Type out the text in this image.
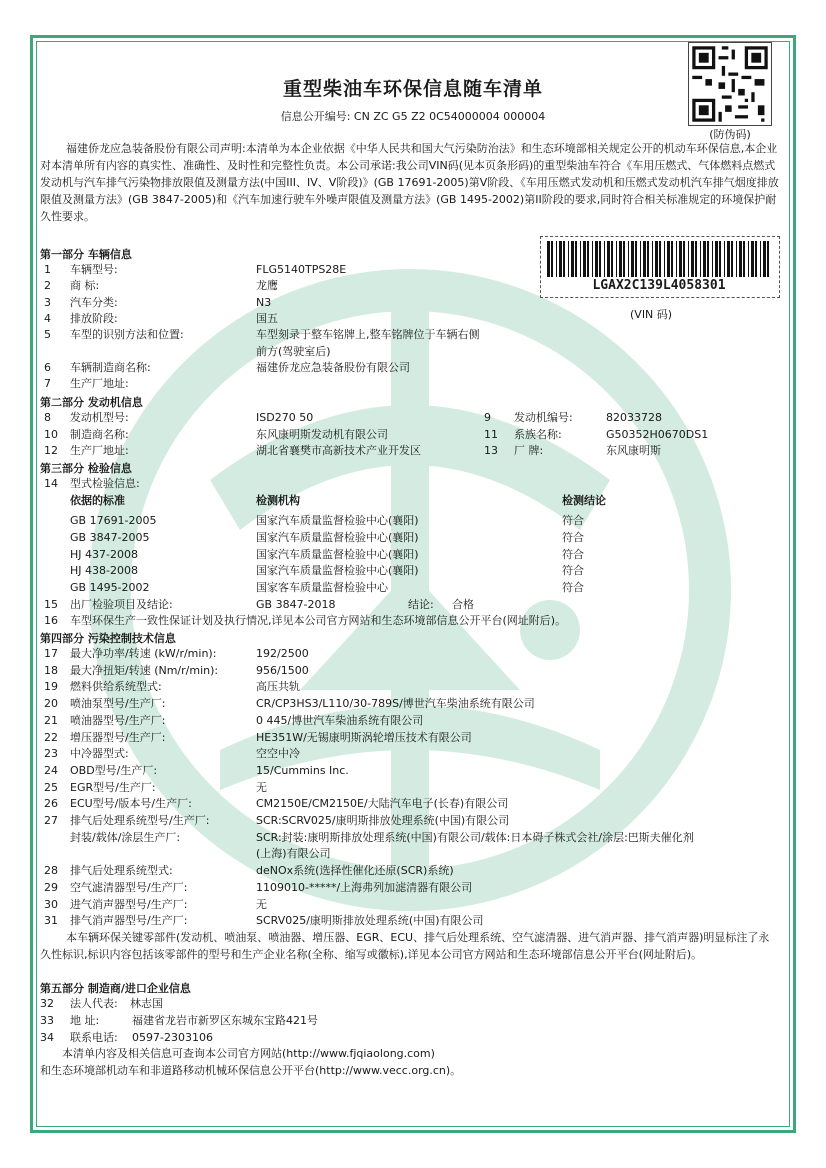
(防伪码)
重型柴油车环保信息随车清单
信息公开编号: CN ZC G5 Z2 0C54000004 000004
福建侨龙应急装备股份有限公司声明:本清单为本企业依据《中华人民共和国大气污染防治法》和生态环境部相关规定公开的机动车环保信息,本企业对本清单所有内容的真实性、准确性、及时性和完整性负责。本公司承诺:我公司VIN码(见本页条形码)的重型柴油车符合《车用压燃式、气体燃料点燃式发动机与汽车排气污染物排放限值及测量方法(中国III、IV、V阶段)》(GB 17691-2005)第V阶段、《车用压燃式发动机和压燃式发动机汽车排气烟度排放限值及测量方法》(GB 3847-2005)和《汽车加速行驶车外噪声限值及测量方法》(GB 1495-2002)第II阶段的要求,同时符合相关标准规定的环境保护耐久性要求。
LGAX2C139L4058301
(VIN 码)
第一部分 车辆信息
1 车辆型号:	FLG5140TPS28E
2 商 标:	龙鹰
3 汽车分类:	N3
4 排放阶段:	国五
5 车型的识别方法和位置:	车型刻录于整车铭牌上,整车铭牌位于车辆右侧
前方(驾驶室后)
6 车辆制造商名称:	福建侨龙应急装备股份有限公司
7 生产厂地址:
第二部分 发动机信息
8 发动机型号:	ISD270 50	9 发动机编号:	82033728
10 制造商名称:	东风康明斯发动机有限公司	11 系族名称:	G50352H0670DS1
12 生产厂地址:	湖北省襄樊市高新技术产业开发区	13 厂 牌:	东风康明斯
第三部分 检验信息
14 型式检验信息:
依据的标准	检测机构	检测结论
GB 17691-2005	国家汽车质量监督检验中心(襄阳)	符合
GB 3847-2005	国家汽车质量监督检验中心(襄阳)	符合
HJ 437-2008	国家汽车质量监督检验中心(襄阳)	符合
HJ 438-2008	国家汽车质量监督检验中心(襄阳)	符合
GB 1495-2002	国家客车质量监督检验中心	符合
15 出厂检验项目及结论:	GB 3847-2018	结论: 合格
16 车型环保生产一致性保证计划及执行情况,详见本公司官方网站和生态环境部信息公开平台(网址附后)。
第四部分 污染控制技术信息
17 最大净功率/转速 (kW/r/min):	192/2500
18 最大净扭矩/转速 (Nm/r/min):	956/1500
19 燃料供给系统型式:	高压共轨
20 喷油泵型号/生产厂:	CR/CP3HS3/L110/30-789S/博世汽车柴油系统有限公司
21 喷油器型号/生产厂:	0 445/博世汽车柴油系统有限公司
22 增压器型号/生产厂:	HE351W/无锡康明斯涡轮增压技术有限公司
23 中冷器型式:	空空中冷
24 OBD型号/生产厂:	15/Cummins Inc.
25 EGR型号/生产厂:	无
26 ECU型号/版本号/生产厂:	CM2150E/CM2150E/大陆汽车电子(长春)有限公司
27 排气后处理系统型号/生产厂:	SCR:SCRV025/康明斯排放处理系统(中国)有限公司
封装/载体/涂层生产厂:	SCR:封装:康明斯排放处理系统(中国)有限公司/载体:日本碍子株式会社/涂层:巴斯夫催化剂
(上海)有限公司
28 排气后处理系统型式:	deNOx系统(选择性催化还原(SCR)系统)
29 空气滤清器型号/生产厂:	1109010-*****/上海弗列加滤清器有限公司
30 进气消声器型号/生产厂:	无
31 排气消声器型号/生产厂:	SCRV025/康明斯排放处理系统(中国)有限公司
本车辆环保关键零部件(发动机、喷油泵、喷油器、增压器、EGR、ECU、排气后处理系统、空气滤清器、进气消声器、排气消声器)明显标注了永久性标识,标识内容包括该零部件的型号和生产企业名称(全称、缩写或徽标),详见本公司官方网站和生态环境部信息公开平台(网址附后)。
第五部分 制造商/进口企业信息
32 法人代表: 林志国
33 地 址:	福建省龙岩市新罗区东城东宝路421号
34 联系电话: 0597-2303106
本清单内容及相关信息可查询本公司官方网站(http://www.fjqiaolong.com)
和生态环境部机动车和非道路移动机械环保信息公开平台(http://www.vecc.org.cn)。
